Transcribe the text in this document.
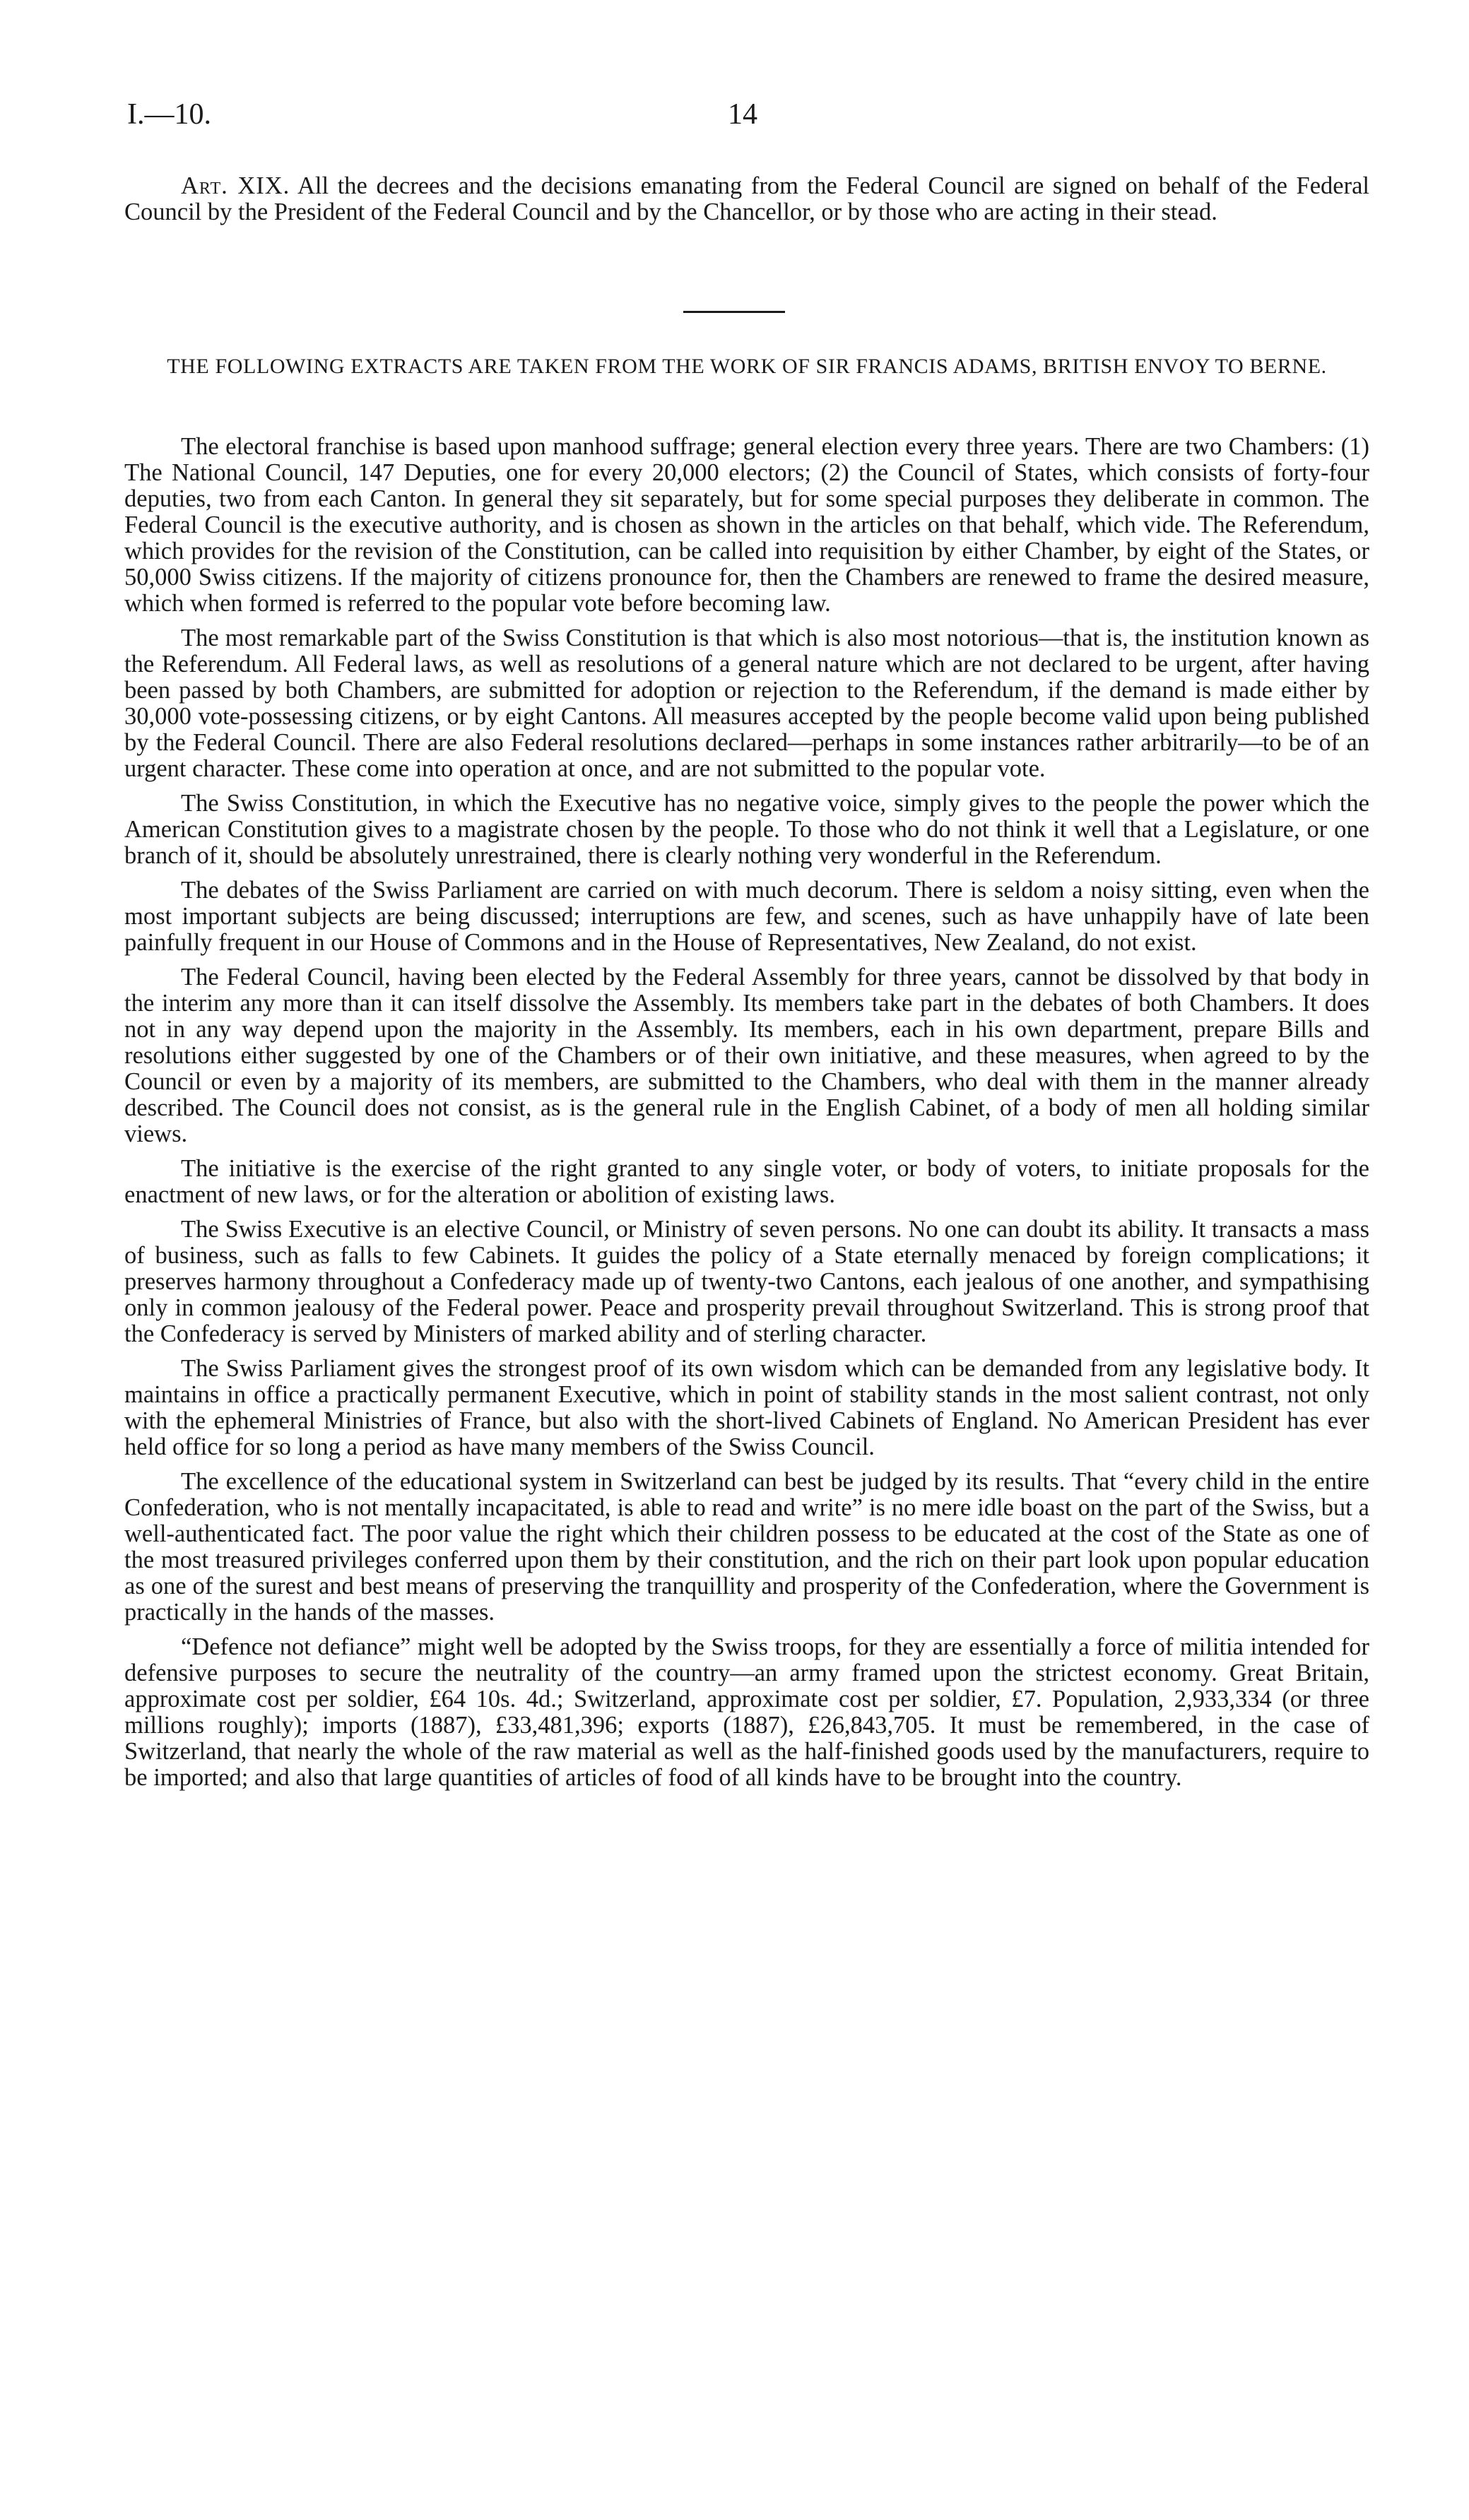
I.—10.	14

Art. XIX. All the decrees and the decisions emanating from the Federal Council are signed on behalf of the Federal Council by the President of the Federal Council and by the Chancellor, or by those who are acting in their stead.

THE FOLLOWING EXTRACTS ARE TAKEN FROM THE WORK OF SIR FRANCIS ADAMS, BRITISH ENVOY TO BERNE.

The electoral franchise is based upon manhood suffrage; general election every three years. There are two Chambers: (1) The National Council, 147 Deputies, one for every 20,000 electors; (2) the Council of States, which consists of forty-four deputies, two from each Canton. In general they sit separately, but for some special purposes they deliberate in common. The Federal Council is the executive authority, and is chosen as shown in the articles on that behalf, which vide. The Referendum, which provides for the revision of the Constitution, can be called into requisition by either Chamber, by eight of the States, or 50,000 Swiss citizens. If the majority of citizens pronounce for, then the Chambers are renewed to frame the desired measure, which when formed is referred to the popular vote before becoming law.

The most remarkable part of the Swiss Constitution is that which is also most notorious—that is, the institution known as the Referendum. All Federal laws, as well as resolutions of a general nature which are not declared to be urgent, after having been passed by both Chambers, are submitted for adoption or rejection to the Referendum, if the demand is made either by 30,000 vote-possessing citizens, or by eight Cantons. All measures accepted by the people become valid upon being published by the Federal Council. There are also Federal resolutions declared—perhaps in some instances rather arbitrarily—to be of an urgent character. These come into operation at once, and are not submitted to the popular vote.

The Swiss Constitution, in which the Executive has no negative voice, simply gives to the people the power which the American Constitution gives to a magistrate chosen by the people. To those who do not think it well that a Legislature, or one branch of it, should be absolutely unrestrained, there is clearly nothing very wonderful in the Referendum.

The debates of the Swiss Parliament are carried on with much decorum. There is seldom a noisy sitting, even when the most important subjects are being discussed; interruptions are few, and scenes, such as have unhappily have of late been painfully frequent in our House of Commons and in the House of Representatives, New Zealand, do not exist.

The Federal Council, having been elected by the Federal Assembly for three years, cannot be dissolved by that body in the interim any more than it can itself dissolve the Assembly. Its members take part in the debates of both Chambers. It does not in any way depend upon the majority in the Assembly. Its members, each in his own department, prepare Bills and resolutions either suggested by one of the Chambers or of their own initiative, and these measures, when agreed to by the Council or even by a majority of its members, are submitted to the Chambers, who deal with them in the manner already described. The Council does not consist, as is the general rule in the English Cabinet, of a body of men all holding similar views.

The initiative is the exercise of the right granted to any single voter, or body of voters, to initiate proposals for the enactment of new laws, or for the alteration or abolition of existing laws.

The Swiss Executive is an elective Council, or Ministry of seven persons. No one can doubt its ability. It transacts a mass of business, such as falls to few Cabinets. It guides the policy of a State eternally menaced by foreign complications; it preserves harmony throughout a Confederacy made up of twenty-two Cantons, each jealous of one another, and sympathising only in common jealousy of the Federal power. Peace and prosperity prevail throughout Switzerland. This is strong proof that the Confederacy is served by Ministers of marked ability and of sterling character.

The Swiss Parliament gives the strongest proof of its own wisdom which can be demanded from any legislative body. It maintains in office a practically permanent Executive, which in point of stability stands in the most salient contrast, not only with the ephemeral Ministries of France, but also with the short-lived Cabinets of England. No American President has ever held office for so long a period as have many members of the Swiss Council.

The excellence of the educational system in Switzerland can best be judged by its results. That “every child in the entire Confederation, who is not mentally incapacitated, is able to read and write” is no mere idle boast on the part of the Swiss, but a well-authenticated fact. The poor value the right which their children possess to be educated at the cost of the State as one of the most treasured privileges conferred upon them by their constitution, and the rich on their part look upon popular education as one of the surest and best means of preserving the tranquillity and prosperity of the Confederation, where the Government is practically in the hands of the masses.

“Defence not defiance” might well be adopted by the Swiss troops, for they are essentially a force of militia intended for defensive purposes to secure the neutrality of the country—an army framed upon the strictest economy. Great Britain, approximate cost per soldier, £64 10s. 4d.; Switzerland, approximate cost per soldier, £7. Population, 2,933,334 (or three millions roughly); imports (1887), £33,481,396; exports (1887), £26,843,705. It must be remembered, in the case of Switzerland, that nearly the whole of the raw material as well as the half-finished goods used by the manufacturers, require to be imported; and also that large quantities of articles of food of all kinds have to be brought into the country.
